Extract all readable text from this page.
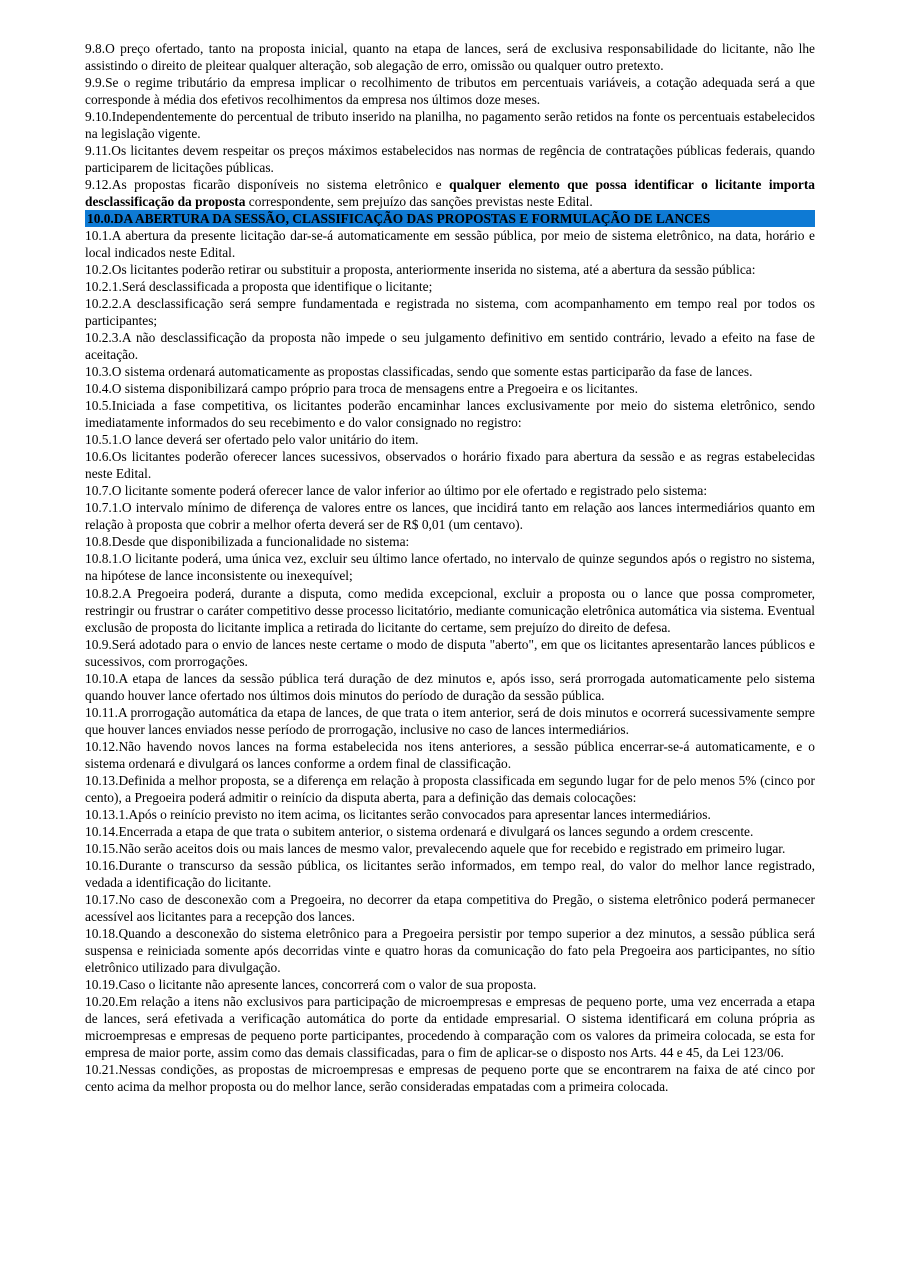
9.8.O preço ofertado, tanto na proposta inicial, quanto na etapa de lances, será de exclusiva responsabilidade do licitante, não lhe assistindo o direito de pleitear qualquer alteração, sob alegação de erro, omissão ou qualquer outro pretexto.

9.9.Se o regime tributário da empresa implicar o recolhimento de tributos em percentuais variáveis, a cotação adequada será a que corresponde à média dos efetivos recolhimentos da empresa nos últimos doze meses.

9.10.Independentemente do percentual de tributo inserido na planilha, no pagamento serão retidos na fonte os percentuais estabelecidos na legislação vigente.

9.11.Os licitantes devem respeitar os preços máximos estabelecidos nas normas de regência de contratações públicas federais, quando participarem de licitações públicas.

9.12.As propostas ficarão disponíveis no sistema eletrônico e qualquer elemento que possa identificar o licitante importa desclassificação da proposta correspondente, sem prejuízo das sanções previstas neste Edital.

10.0.DA ABERTURA DA SESSÃO, CLASSIFICAÇÃO DAS PROPOSTAS E FORMULAÇÃO DE LANCES

10.1.A abertura da presente licitação dar-se-á automaticamente em sessão pública, por meio de sistema eletrônico, na data, horário e local indicados neste Edital.

10.2.Os licitantes poderão retirar ou substituir a proposta, anteriormente inserida no sistema, até a abertura da sessão pública:

10.2.1.Será desclassificada a proposta que identifique o licitante;

10.2.2.A desclassificação será sempre fundamentada e registrada no sistema, com acompanhamento em tempo real por todos os participantes;

10.2.3.A não desclassificação da proposta não impede o seu julgamento definitivo em sentido contrário, levado a efeito na fase de aceitação.

10.3.O sistema ordenará automaticamente as propostas classificadas, sendo que somente estas participarão da fase de lances.

10.4.O sistema disponibilizará campo próprio para troca de mensagens entre a Pregoeira e os licitantes.

10.5.Iniciada a fase competitiva, os licitantes poderão encaminhar lances exclusivamente por meio do sistema eletrônico, sendo imediatamente informados do seu recebimento e do valor consignado no registro:

10.5.1.O lance deverá ser ofertado pelo valor unitário do item.

10.6.Os licitantes poderão oferecer lances sucessivos, observados o horário fixado para abertura da sessão e as regras estabelecidas neste Edital.

10.7.O licitante somente poderá oferecer lance de valor inferior ao último por ele ofertado e registrado pelo sistema:

10.7.1.O intervalo mínimo de diferença de valores entre os lances, que incidirá tanto em relação aos lances intermediários quanto em relação à proposta que cobrir a melhor oferta deverá ser de R$ 0,01 (um centavo).

10.8.Desde que disponibilizada a funcionalidade no sistema:

10.8.1.O licitante poderá, uma única vez, excluir seu último lance ofertado, no intervalo de quinze segundos após o registro no sistema, na hipótese de lance inconsistente ou inexequível;

10.8.2.A Pregoeira poderá, durante a disputa, como medida excepcional, excluir a proposta ou o lance que possa comprometer, restringir ou frustrar o caráter competitivo desse processo licitatório, mediante comunicação eletrônica automática via sistema. Eventual exclusão de proposta do licitante implica a retirada do licitante do certame, sem prejuízo do direito de defesa.

10.9.Será adotado para o envio de lances neste certame o modo de disputa "aberto", em que os licitantes apresentarão lances públicos e sucessivos, com prorrogações.

10.10.A etapa de lances da sessão pública terá duração de dez minutos e, após isso, será prorrogada automaticamente pelo sistema quando houver lance ofertado nos últimos dois minutos do período de duração da sessão pública.

10.11.A prorrogação automática da etapa de lances, de que trata o item anterior, será de dois minutos e ocorrerá sucessivamente sempre que houver lances enviados nesse período de prorrogação, inclusive no caso de lances intermediários.

10.12.Não havendo novos lances na forma estabelecida nos itens anteriores, a sessão pública encerrar-se-á automaticamente, e o sistema ordenará e divulgará os lances conforme a ordem final de classificação.

10.13.Definida a melhor proposta, se a diferença em relação à proposta classificada em segundo lugar for de pelo menos 5% (cinco por cento), a Pregoeira poderá admitir o reinício da disputa aberta, para a definição das demais colocações:

10.13.1.Após o reinício previsto no item acima, os licitantes serão convocados para apresentar lances intermediários.

10.14.Encerrada a etapa de que trata o subitem anterior, o sistema ordenará e divulgará os lances segundo a ordem crescente.

10.15.Não serão aceitos dois ou mais lances de mesmo valor, prevalecendo aquele que for recebido e registrado em primeiro lugar.

10.16.Durante o transcurso da sessão pública, os licitantes serão informados, em tempo real, do valor do melhor lance registrado, vedada a identificação do licitante.

10.17.No caso de desconexão com a Pregoeira, no decorrer da etapa competitiva do Pregão, o sistema eletrônico poderá permanecer acessível aos licitantes para a recepção dos lances.

10.18.Quando a desconexão do sistema eletrônico para a Pregoeira persistir por tempo superior a dez minutos, a sessão pública será suspensa e reiniciada somente após decorridas vinte e quatro horas da comunicação do fato pela Pregoeira aos participantes, no sítio eletrônico utilizado para divulgação.

10.19.Caso o licitante não apresente lances, concorrerá com o valor de sua proposta.

10.20.Em relação a itens não exclusivos para participação de microempresas e empresas de pequeno porte, uma vez encerrada a etapa de lances, será efetivada a verificação automática do porte da entidade empresarial. O sistema identificará em coluna própria as microempresas e empresas de pequeno porte participantes, procedendo à comparação com os valores da primeira colocada, se esta for empresa de maior porte, assim como das demais classificadas, para o fim de aplicar-se o disposto nos Arts. 44 e 45, da Lei 123/06.

10.21.Nessas condições, as propostas de microempresas e empresas de pequeno porte que se encontrarem na faixa de até cinco por cento acima da melhor proposta ou do melhor lance, serão consideradas empatadas com a primeira colocada.
